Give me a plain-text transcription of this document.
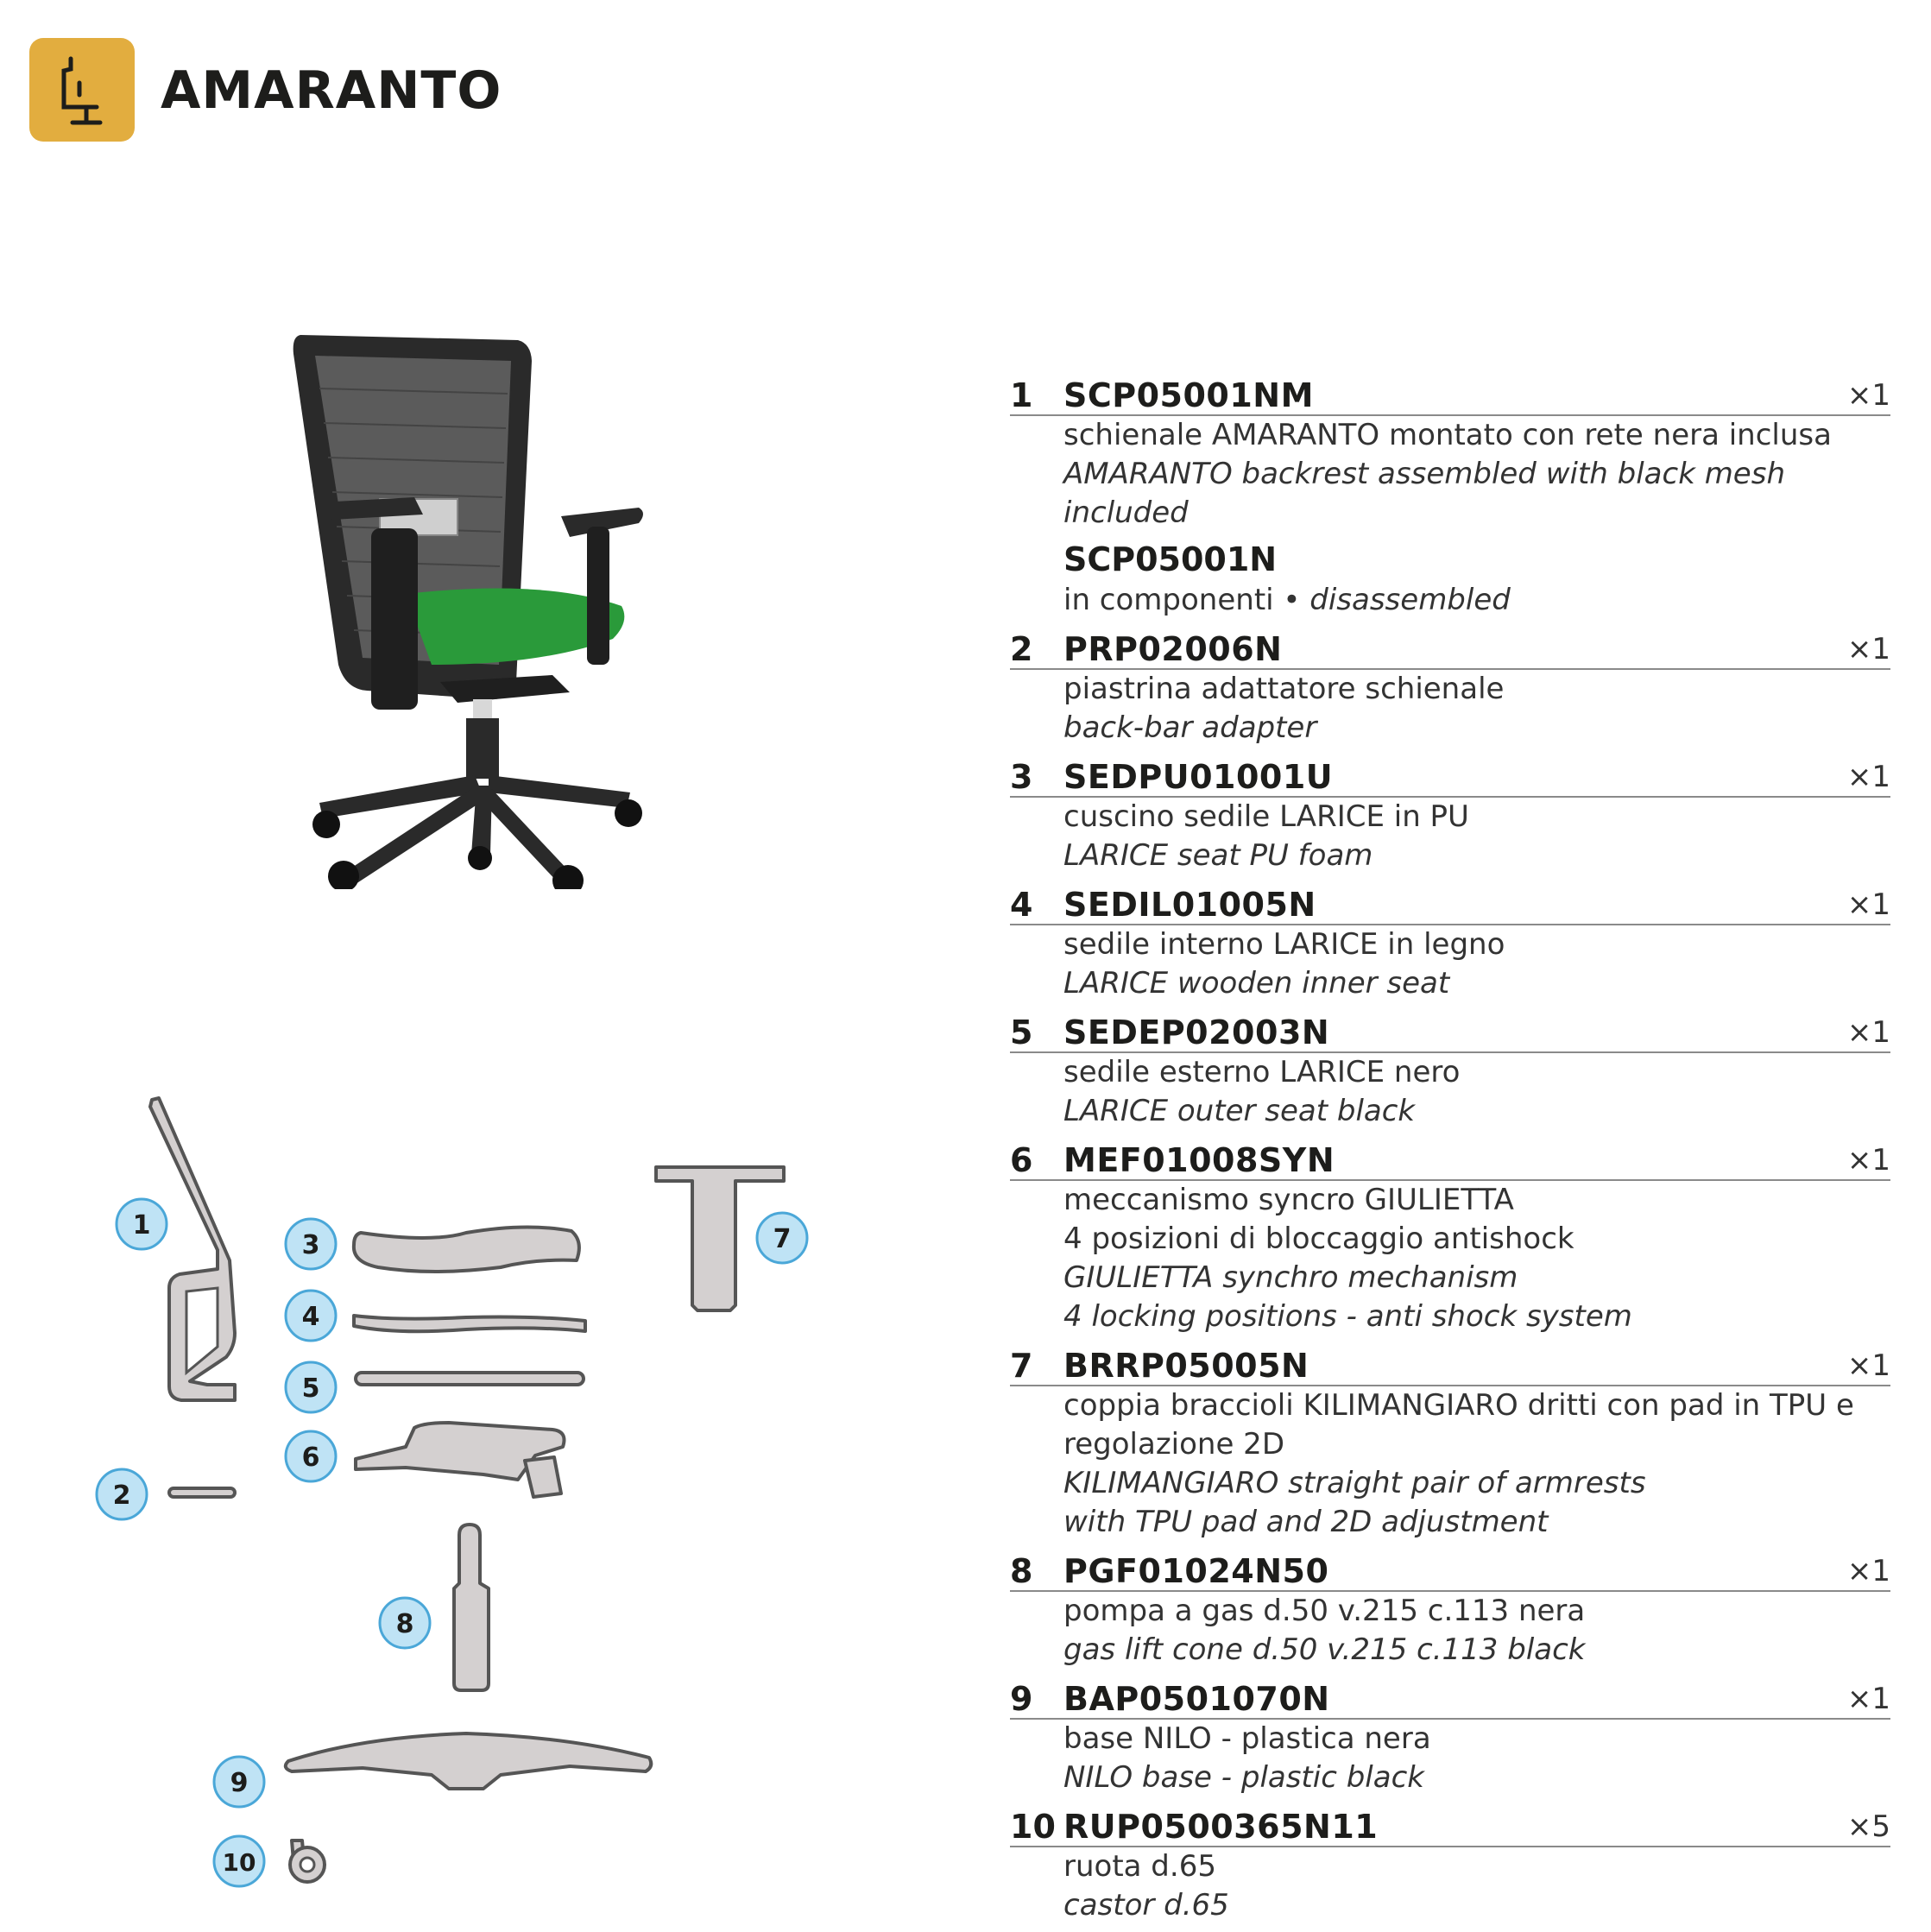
AMARANTO
1
2
3
4
5
6
7
8
9
10
1 SCP05001NM	×1
schienale AMARANTO montato con rete nera inclusa
AMARANTO backrest assembled with black mesh
included
SCP05001N
in componenti • disassembled
2 PRP02006N	×1
piastrina adattatore schienale
back-bar adapter
3 SEDPU01001U	×1
cuscino sedile LARICE in PU
LARICE seat PU foam
4 SEDIL01005N	×1
sedile interno LARICE in legno
LARICE wooden inner seat
5 SEDEP02003N	×1
sedile esterno LARICE nero
LARICE outer seat black
6 MEF01008SYN	×1
meccanismo syncro GIULIETTA
4 posizioni di bloccaggio antishock
GIULIETTA synchro mechanism
4 locking positions - anti shock system
7 BRRP05005N	×1
coppia braccioli KILIMANGIARO dritti con pad in TPU e
regolazione 2D
KILIMANGIARO straight pair of armrests
with TPU pad and 2D adjustment
8 PGF01024N50	×1
pompa a gas d.50 v.215 c.113 nera
gas lift cone d.50 v.215 c.113 black
9 BAP0501070N	×1
base NILO - plastica nera
NILO base - plastic black
10 RUP0500365N11	×5
ruota d.65
castor d.65
